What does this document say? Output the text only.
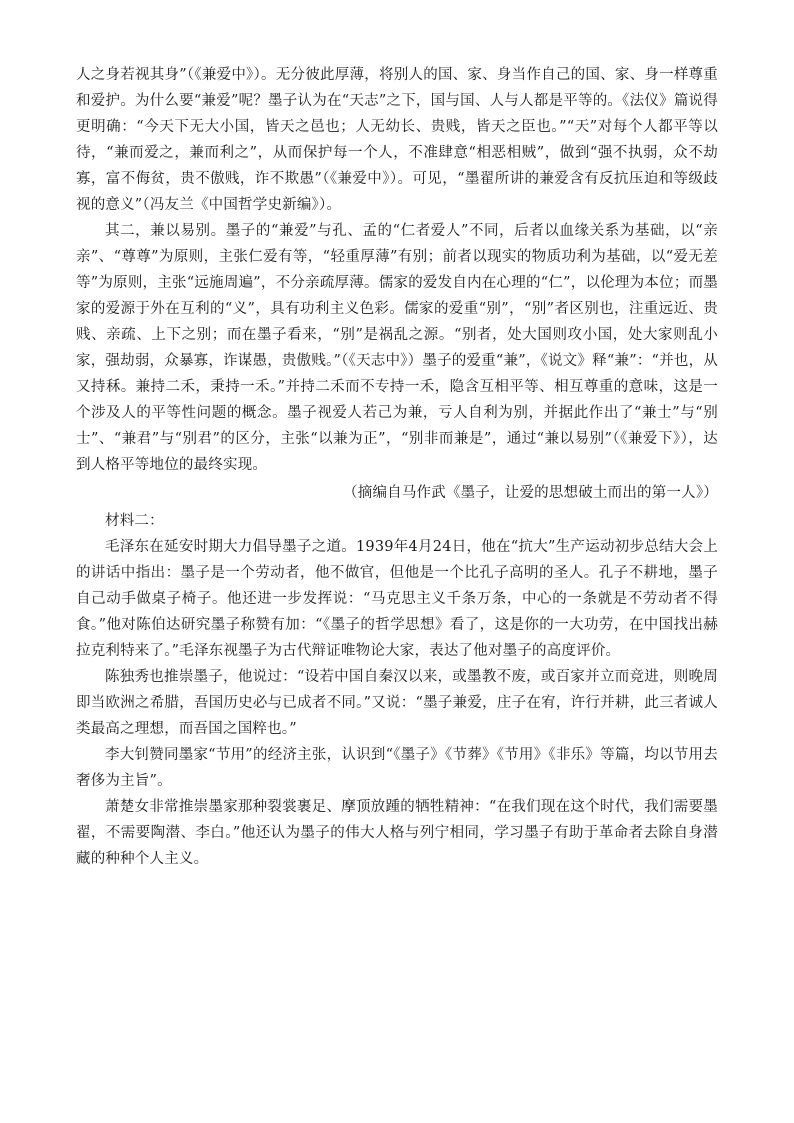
人之身若视其身”（《兼爱中》）。无分彼此厚薄，将别人的国、家、身当作自己的国、家、身一样尊重和爱护。为什么要“兼爱”呢？墨子认为在“天志”之下，国与国、人与人都是平等的。《法仪》篇说得更明确：“今天下无大小国，皆天之邑也；人无幼长、贵贱，皆天之臣也。”“天”对每个人都平等以待，“兼而爱之，兼而利之”，从而保护每一个人，不准肆意“相恶相贼”，做到“强不执弱，众不劫寡，富不侮贫，贵不傲贱，诈不欺愚”（《兼爱中》）。可见，“墨翟所讲的兼爱含有反抗压迫和等级歧视的意义”（冯友兰《中国哲学史新编》）。

其二，兼以易别。墨子的“兼爱”与孔、孟的“仁者爱人”不同，后者以血缘关系为基础，以“亲亲”、“尊尊”为原则，主张仁爱有等，“轻重厚薄”有别；前者以现实的物质功利为基础，以“爱无差等”为原则，主张“远施周遍”，不分亲疏厚薄。儒家的爱发自内在心理的“仁”，以伦理为本位；而墨家的爱源于外在互利的“义”，具有功利主义色彩。儒家的爱重“别”，“别”者区别也，注重远近、贵贱、亲疏、上下之别；而在墨子看来，“别”是祸乱之源。“别者，处大国则攻小国，处大家则乱小家，强劫弱，众暴寡，诈谋愚，贵傲贱。”（《天志中》）墨子的爱重“兼”，《说文》释“兼”：“并也，从又持秝。兼持二禾，秉持一禾。”并持二禾而不专持一禾，隐含互相平等、相互尊重的意味，这是一个涉及人的平等性问题的概念。墨子视爱人若己为兼，亏人自利为别，并据此作出了“兼士”与“别士”、“兼君”与“别君”的区分，主张“以兼为正”，“别非而兼是”，通过“兼以易别”（《兼爱下》），达到人格平等地位的最终实现。

（摘编自马作武《墨子，让爱的思想破土而出的第一人》）

材料二：

毛泽东在延安时期大力倡导墨子之道。1939年4月24日，他在“抗大”生产运动初步总结大会上的讲话中指出：墨子是一个劳动者，他不做官，但他是一个比孔子高明的圣人。孔子不耕地，墨子自己动手做桌子椅子。他还进一步发挥说：“马克思主义千条万条，中心的一条就是不劳动者不得食。”他对陈伯达研究墨子称赞有加：“《墨子的哲学思想》看了，这是你的一大功劳，在中国找出赫拉克利特来了。”毛泽东视墨子为古代辩证唯物论大家，表达了他对墨子的高度评价。

陈独秀也推崇墨子，他说过：“设若中国自秦汉以来，或墨教不废，或百家并立而竞进，则晚周即当欧洲之希腊，吾国历史必与已成者不同。”又说：“墨子兼爱，庄子在宥，许行并耕，此三者诚人类最高之理想，而吾国之国粹也。”

李大钊赞同墨家“节用”的经济主张，认识到“《墨子》《节葬》《节用》《非乐》等篇，均以节用去奢侈为主旨”。

萧楚女非常推崇墨家那种裂裳裹足、摩顶放踵的牺牲精神：“在我们现在这个时代，我们需要墨翟，不需要陶潜、李白。”他还认为墨子的伟大人格与列宁相同，学习墨子有助于革命者去除自身潜藏的种种个人主义。
